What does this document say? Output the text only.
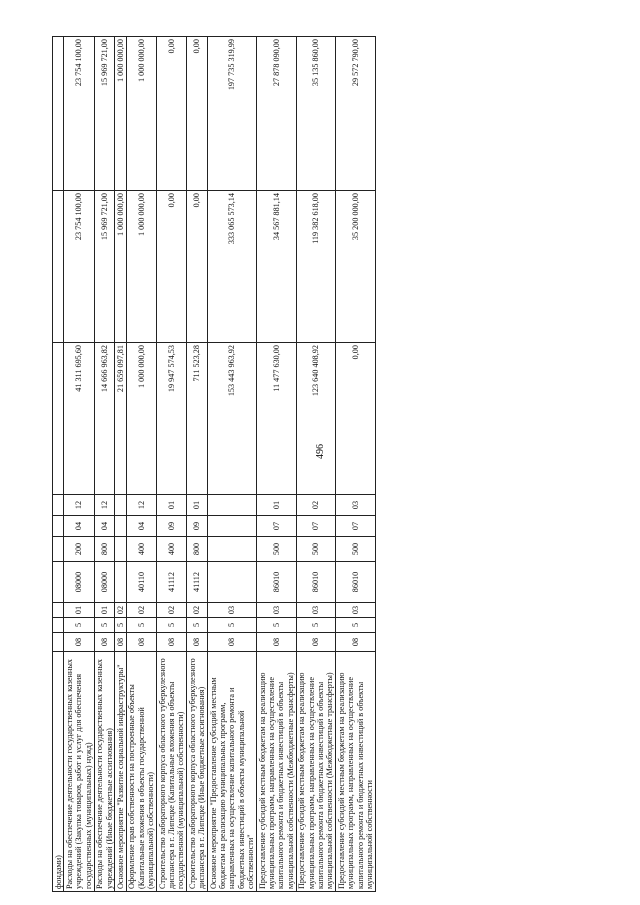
496
фондами)										
Расходы на обеспечение деятельности государственных казенных учреждений (Закупка товаров, работ и услуг для обеспечения государственных (муниципальных) нужд)	08	5	01	08000	200	04	12	41 311 695,60	23 754 100,00	23 754 100,00
Расходы на обеспечение деятельности государственных казенных учреждений (Иные бюджетные ассигнования)	08	5	01	08000	800	04	12	14 666 963,82	15 969 721,00	15 969 721,00
Основное мероприятие "Развитие социальной инфраструктуры"	08	5	02					21 659 097,81	1 000 000,00	1 000 000,00
Оформление прав собственности на построенные объекты (Капитальные вложения в объекты государственной (муниципальной) собственности)	08	5	02	40110	400	04	12	1 000 000,00	1 000 000,00	1 000 000,00
Строительство лабораторного корпуса областного туберкулезного диспансера в г. Липецке (Капитальные вложения в объекты государственной (муниципальной) собственности)	08	5	02	41112	400	09	01	19 947 574,53	0,00	0,00
Строительство лабораторного корпуса областного туберкулезного диспансера в г. Липецке (Иные бюджетные ассигнования)	08	5	02	41112	800	09	01	711 523,28	0,00	0,00
Основное мероприятие "Предоставление субсидий местным бюджетам на реализацию муниципальных программ, направленных на осуществление капитального ремонта и бюджетных инвестиций в объекты муниципальной собственности"	08	5	03					153 443 963,92	333 065 573,14	197 735 319,99
Предоставление субсидий местным бюджетам на реализацию муниципальных программ, направленных на осуществление капитального ремонта и бюджетных инвестиций в объекты муниципальной собственности (Межбюджетные трансферты)	08	5	03	86010	500	07	01	11 477 630,00	34 567 881,14	27 878 090,00
Предоставление субсидий местным бюджетам на реализацию муниципальных программ, направленных на осуществление капитального ремонта и бюджетных инвестиций в объекты муниципальной собственности (Межбюджетные трансферты)	08	5	03	86010	500	07	02	123 640 408,92	119 382 618,00	35 135 860,00
Предоставление субсидий местным бюджетам на реализацию муниципальных программ, направленных на осуществление капитального ремонта и бюджетных инвестиций в объекты муниципальной собственности	08	5	03	86010	500	07	03	0,00	35 200 000,00	29 572 790,00
